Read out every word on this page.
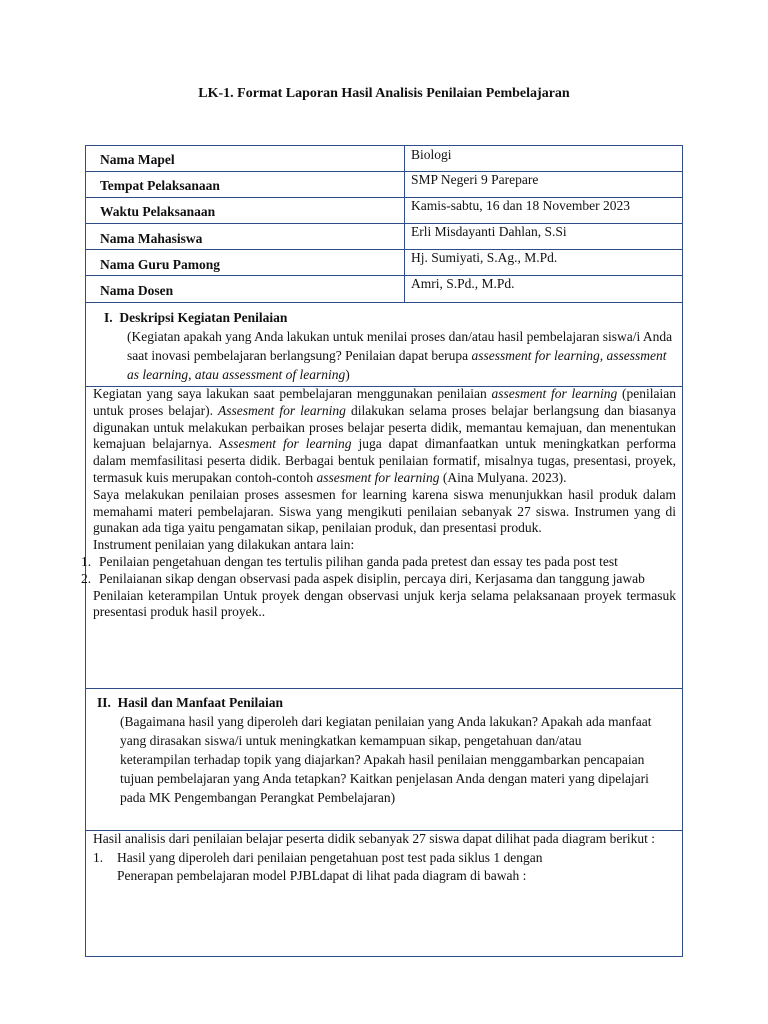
LK-1. Format Laporan Hasil Analisis Penilaian Pembelajaran
Nama Mapel	Biologi
Tempat Pelaksanaan	SMP Negeri 9 Parepare
Waktu Pelaksanaan	Kamis-sabtu, 16 dan 18 November 2023
Nama Mahasiswa	Erli Misdayanti Dahlan, S.Si
Nama Guru Pamong	Hj. Sumiyati, S.Ag., M.Pd.
Nama Dosen	Amri, S.Pd., M.Pd.
I. Deskripsi Kegiatan Penilaian
(Kegiatan apakah yang Anda lakukan untuk menilai proses dan/atau hasil pembelajaran siswa/i Anda saat inovasi pembelajaran berlangsung? Penilaian dapat berupa assessment for learning, assessment as learning, atau assessment of learning)

Kegiatan yang saya lakukan saat pembelajaran menggunakan penilaian assesment for learning (penilaian untuk proses belajar). Assesment for learning dilakukan selama proses belajar berlangsung dan biasanya digunakan untuk melakukan perbaikan proses belajar peserta didik, memantau kemajuan, dan menentukan kemajuan belajarnya. Assesment for learning juga dapat dimanfaatkan untuk meningkatkan performa dalam memfasilitasi peserta didik. Berbagai bentuk penilaian formatif, misalnya tugas, presentasi, proyek, termasuk kuis merupakan contoh-contoh assesment for learning (Aina Mulyana. 2023).

Saya melakukan penilaian proses assesmen for learning karena siswa menunjukkan hasil produk dalam memahami materi pembelajaran. Siswa yang mengikuti penilaian sebanyak 27 siswa. Instrumen yang di gunakan ada tiga yaitu pengamatan sikap, penilaian produk, dan presentasi produk.

Instrument penilaian yang dilakukan antara lain:

1. Penilaian pengetahuan dengan tes tertulis pilihan ganda pada pretest dan essay tes pada post test
2. Penilaianan sikap dengan observasi pada aspek disiplin, percaya diri, Kerjasama dan tanggung jawab

Penilaian keterampilan Untuk proyek dengan observasi unjuk kerja selama pelaksanaan proyek termasuk presentasi produk hasil proyek..

II. Hasil dan Manfaat Penilaian
(Bagaimana hasil yang diperoleh dari kegiatan penilaian yang Anda lakukan? Apakah ada manfaat yang dirasakan siswa/i untuk meningkatkan kemampuan sikap, pengetahuan dan/atau keterampilan terhadap topik yang diajarkan? Apakah hasil penilaian menggambarkan pencapaian tujuan pembelajaran yang Anda tetapkan? Kaitkan penjelasan Anda dengan materi yang dipelajari pada MK Pengembangan Perangkat Pembelajaran)

Hasil analisis dari penilaian belajar peserta didik sebanyak 27 siswa dapat dilihat pada diagram berikut :

1.	Hasil yang diperoleh dari penilaian pengetahuan post test pada siklus 1 dengan
Penerapan pembelajaran model PJBLdapat di lihat pada diagram di bawah :
